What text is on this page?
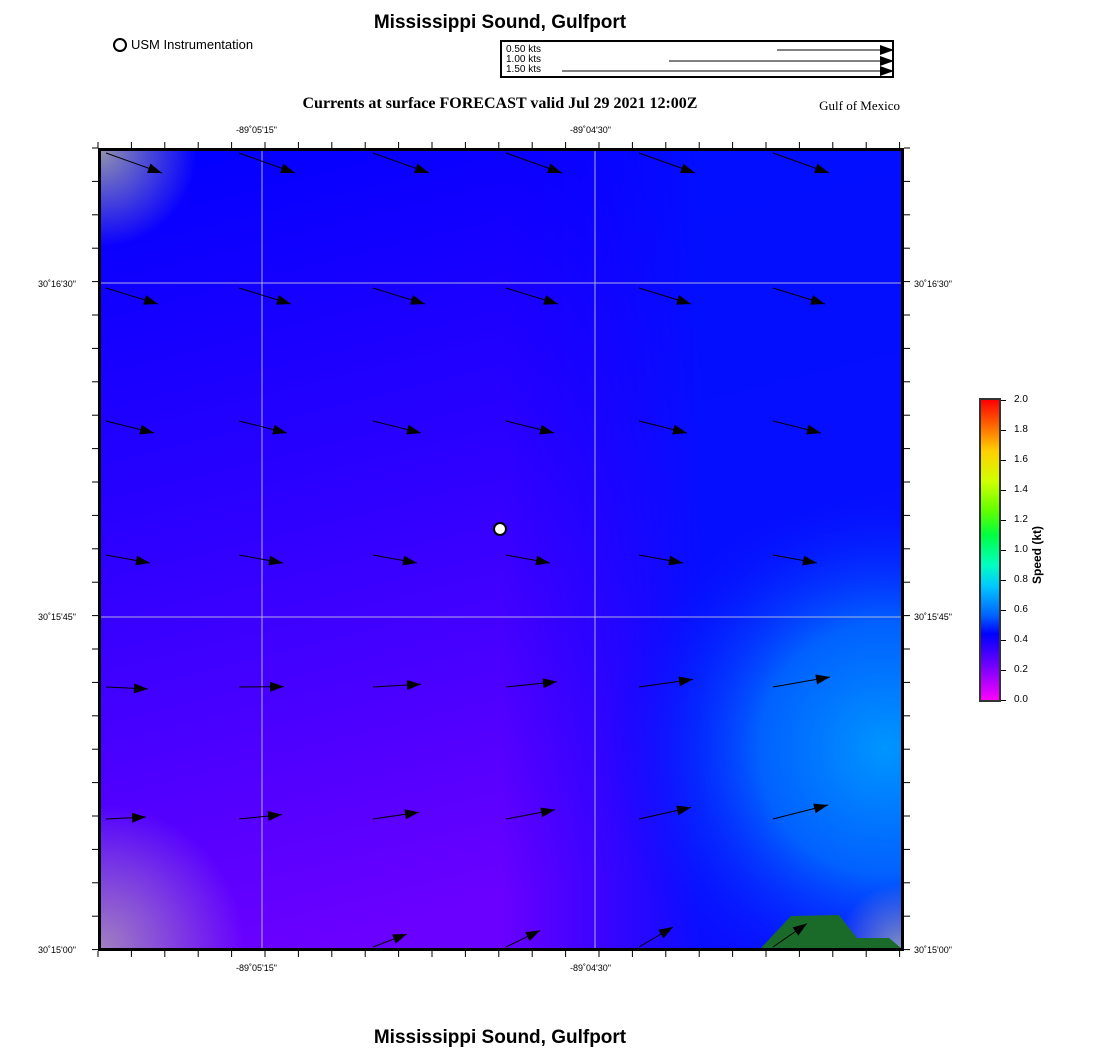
Mississippi Sound, Gulfport
USM Instrumentation	0.50 kts
1.00 kts
1.50 kts
Currents at surface FORECAST valid Jul 29 2021 12:00Z	Gulf of Mexico
-89˚05'15"	-89˚04'30"
-89˚05'15"	-89˚04'30"
30˚16'30"
30˚15'45"
30˚15'00"
30˚16'30"
30˚15'45"
30˚15'00"
2.0
1.8
1.6
1.4
1.2
1.0
0.8
0.6
0.4
0.2
0.0
Speed (kt)
Mississippi Sound, Gulfport
